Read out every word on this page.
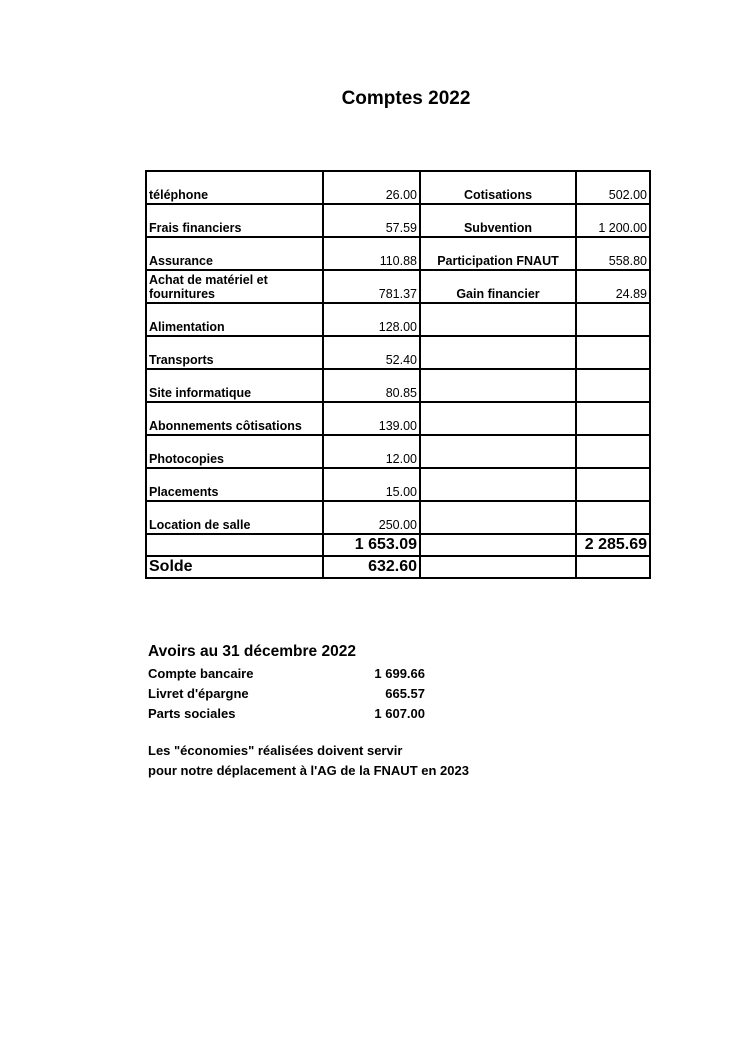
Comptes 2022
téléphone	26.00	Cotisations	502.00
Frais financiers	57.59	Subvention	1 200.00
Assurance	110.88	Participation FNAUT	558.80
Achat de matériel et fournitures	781.37	Gain financier	24.89
Alimentation	128.00		
Transports	52.40		
Site informatique	80.85		
Abonnements côtisations	139.00		
Photocopies	12.00		
Placements	15.00		
Location de salle	250.00		
	1 653.09		2 285.69
Solde	632.60		
Avoirs au 31 décembre 2022
Compte bancaire	1 699.66
Livret d'épargne	665.57
Parts sociales	1 607.00
Les "économies" réalisées doivent servir
pour notre déplacement à l'AG de la FNAUT en 2023
